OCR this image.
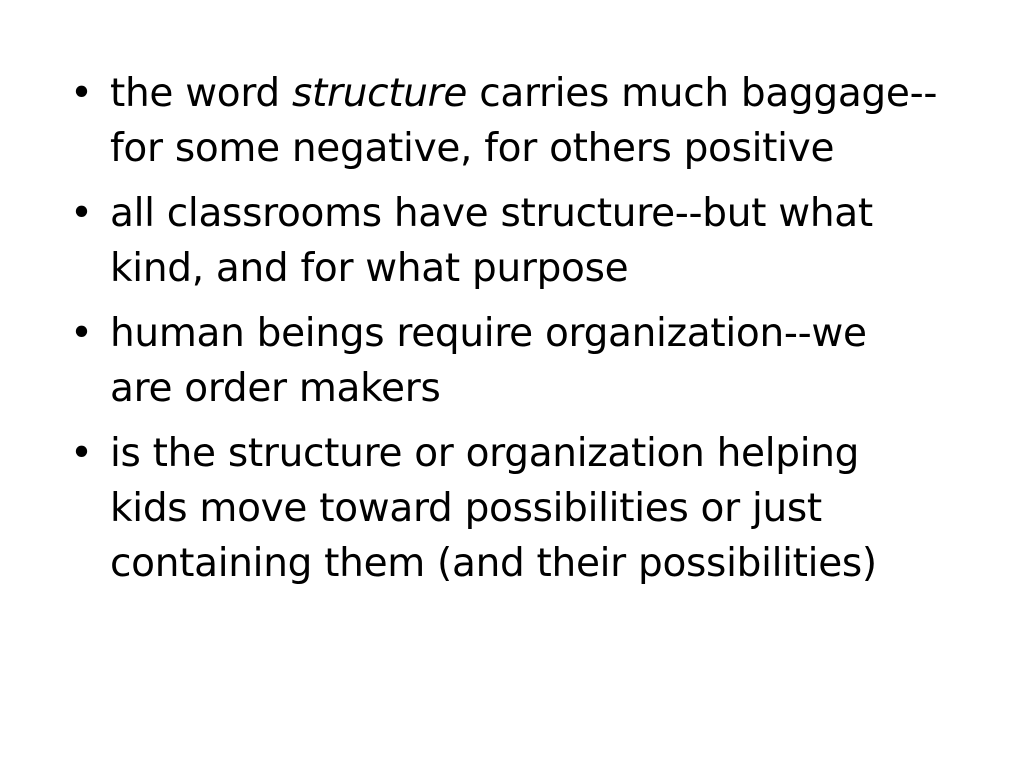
• the word structure carries much baggage--for some negative, for others positive
• all classrooms have structure--but what kind, and for what purpose
• human beings require organization--we are order makers
• is the structure or organization helping kids move toward possibilities or just containing them (and their possibilities)
